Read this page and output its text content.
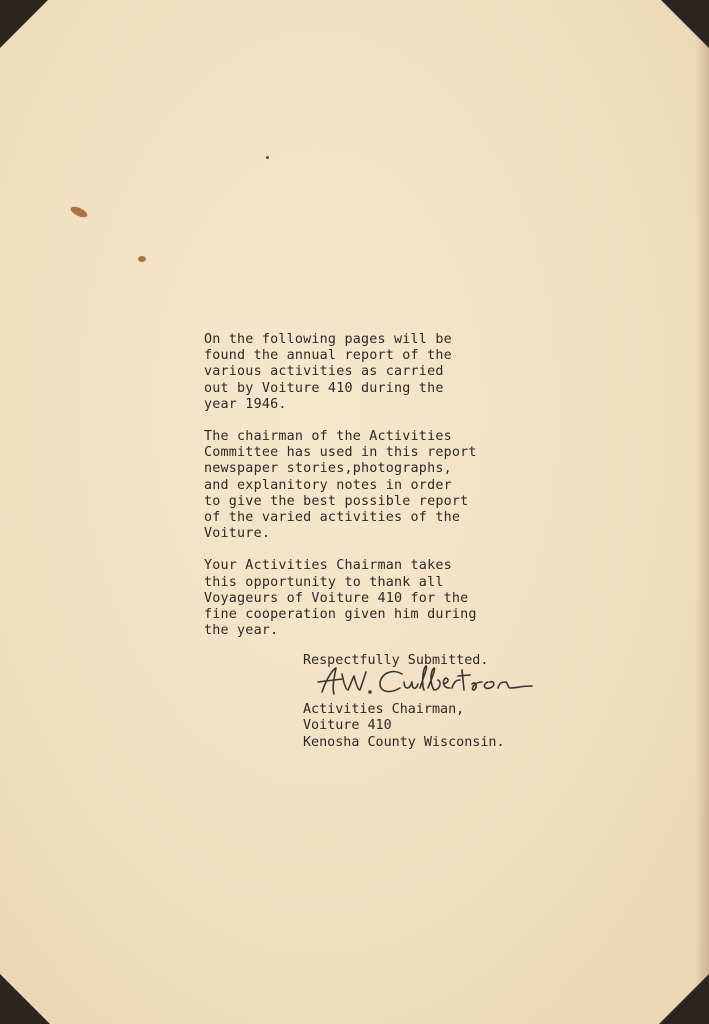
On the following pages will be
found the annual report of the
various activities as carried
out by Voiture 410 during the
year 1946.

The chairman of the Activities
Committee has used in this report
newspaper stories,photographs,
and explanitory notes in order
to give the best possible report
of the varied activities of the
Voiture.

Your Activities Chairman takes
this opportunity to thank all
Voyageurs of Voiture 410 for the
fine cooperation given him during
the year.

Respectfully Submitted.
Activities Chairman,
Voiture 410
Kenosha County Wisconsin.
